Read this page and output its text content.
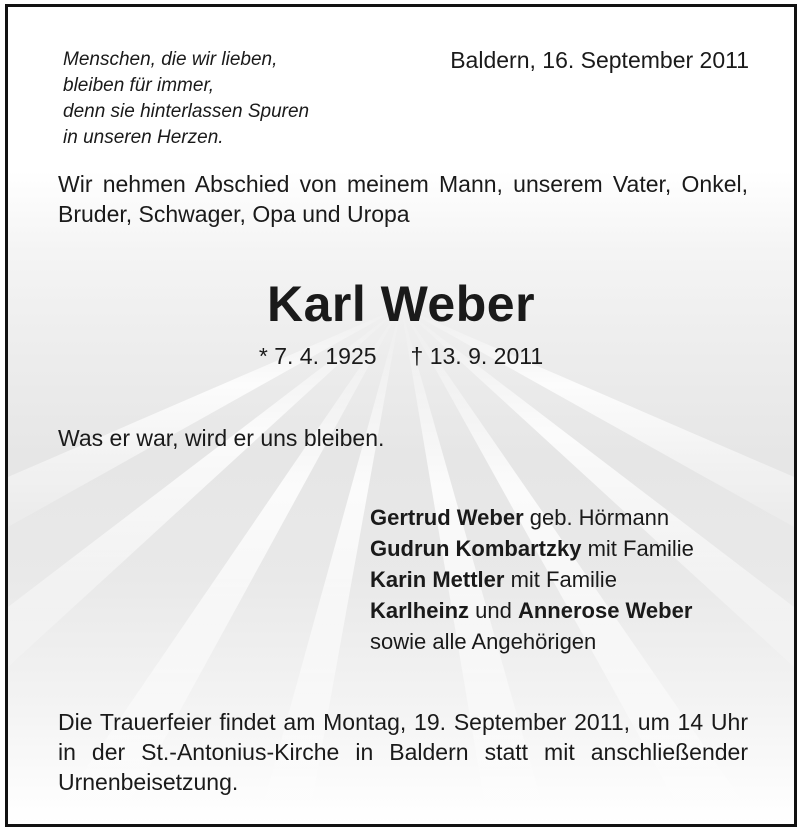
Menschen, die wir lieben,
bleiben für immer,
denn sie hinterlassen Spuren
in unseren Herzen.
Baldern, 16. September 2011
Wir nehmen Abschied von meinem Mann, unserem Vater, Onkel, Bruder, Schwager, Opa und Uropa
Karl Weber
* 7. 4. 1925 † 13. 9. 2011
Was er war, wird er uns bleiben.
Gertrud Weber geb. Hörmann
Gudrun Kombartzky mit Familie
Karin Mettler mit Familie
Karlheinz und Annerose Weber
sowie alle Angehörigen
Die Trauerfeier findet am Montag, 19. September 2011, um 14 Uhr in der St.-Antonius-Kirche in Baldern statt mit anschließender Urnenbeisetzung.
